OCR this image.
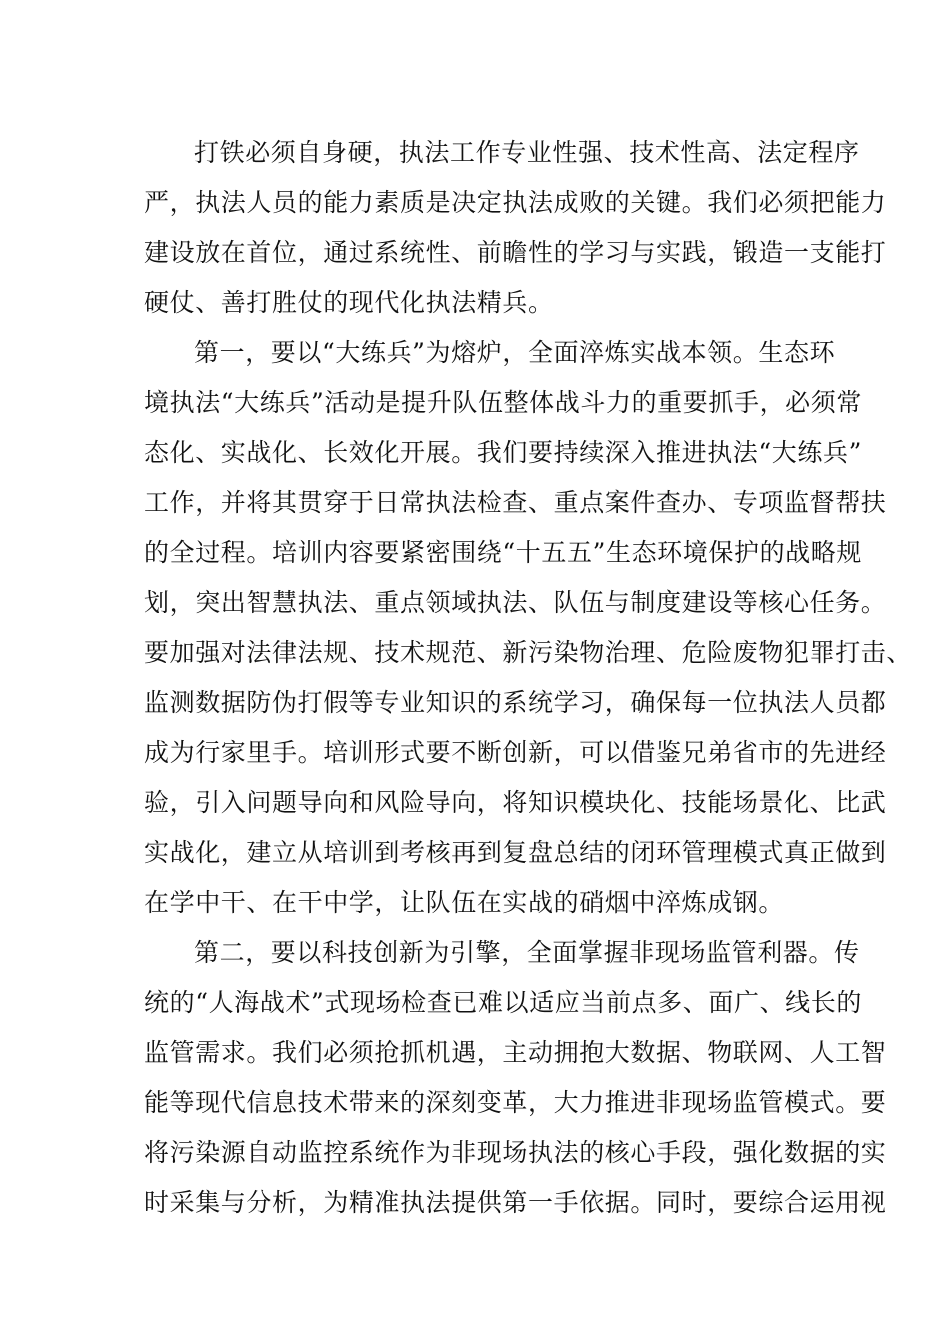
打铁必须自身硬，执法工作专业性强、技术性高、法定程序
严，执法人员的能力素质是决定执法成败的关键。我们必须把能力
建设放在首位，通过系统性、前瞻性的学习与实践，锻造一支能打
硬仗、善打胜仗的现代化执法精兵。
第一，要以“大练兵”为熔炉，全面淬炼实战本领。生态环
境执法“大练兵”活动是提升队伍整体战斗力的重要抓手，必须常
态化、实战化、长效化开展。我们要持续深入推进执法“大练兵”
工作，并将其贯穿于日常执法检查、重点案件查办、专项监督帮扶
的全过程。培训内容要紧密围绕“十五五”生态环境保护的战略规
划，突出智慧执法、重点领域执法、队伍与制度建设等核心任务。
要加强对法律法规、技术规范、新污染物治理、危险废物犯罪打击、
监测数据防伪打假等专业知识的系统学习，确保每一位执法人员都
成为行家里手。培训形式要不断创新，可以借鉴兄弟省市的先进经
验，引入问题导向和风险导向，将知识模块化、技能场景化、比武
实战化，建立从培训到考核再到复盘总结的闭环管理模式真正做到
在学中干、在干中学，让队伍在实战的硝烟中淬炼成钢。
第二，要以科技创新为引擎，全面掌握非现场监管利器。传
统的“人海战术”式现场检查已难以适应当前点多、面广、线长的
监管需求。我们必须抢抓机遇，主动拥抱大数据、物联网、人工智
能等现代信息技术带来的深刻变革，大力推进非现场监管模式。要
将污染源自动监控系统作为非现场执法的核心手段，强化数据的实
时采集与分析，为精准执法提供第一手依据。同时，要综合运用视
